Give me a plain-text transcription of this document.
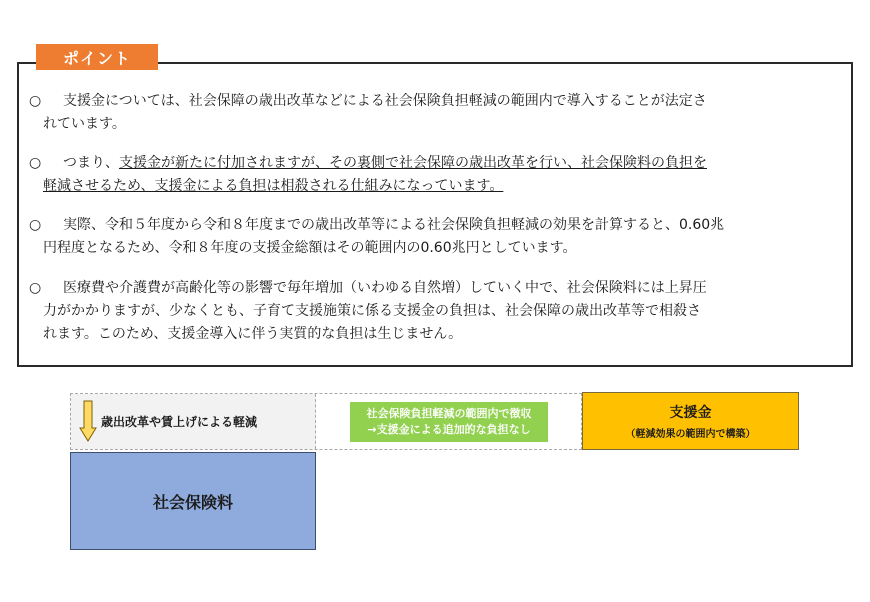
ポイント
○	支援金については、社会保障の歳出改革などによる社会保険負担軽減の範囲内で導入することが法定さ
れています。
○	つまり、支援金が新たに付加されますが、その裏側で社会保障の歳出改革を行い、社会保険料の負担を
軽減させるため、支援金による負担は相殺される仕組みになっています。
○	実際、令和５年度から令和８年度までの歳出改革等による社会保険負担軽減の効果を計算すると、0.60兆
円程度となるため、令和８年度の支援金総額はその範囲内の0.60兆円としています。
○	医療費や介護費が高齢化等の影響で毎年増加（いわゆる自然増）していく中で、社会保険料には上昇圧
力がかかりますが、少なくとも、子育て支援施策に係る支援金の負担は、社会保障の歳出改革等で相殺さ
れます。このため、支援金導入に伴う実質的な負担は生じません。
歳出改革や賃上げによる軽減
社会保険負担軽減の範囲内で徴収
→支援金による追加的な負担なし
支援金
（軽減効果の範囲内で構築）
社会保険料
